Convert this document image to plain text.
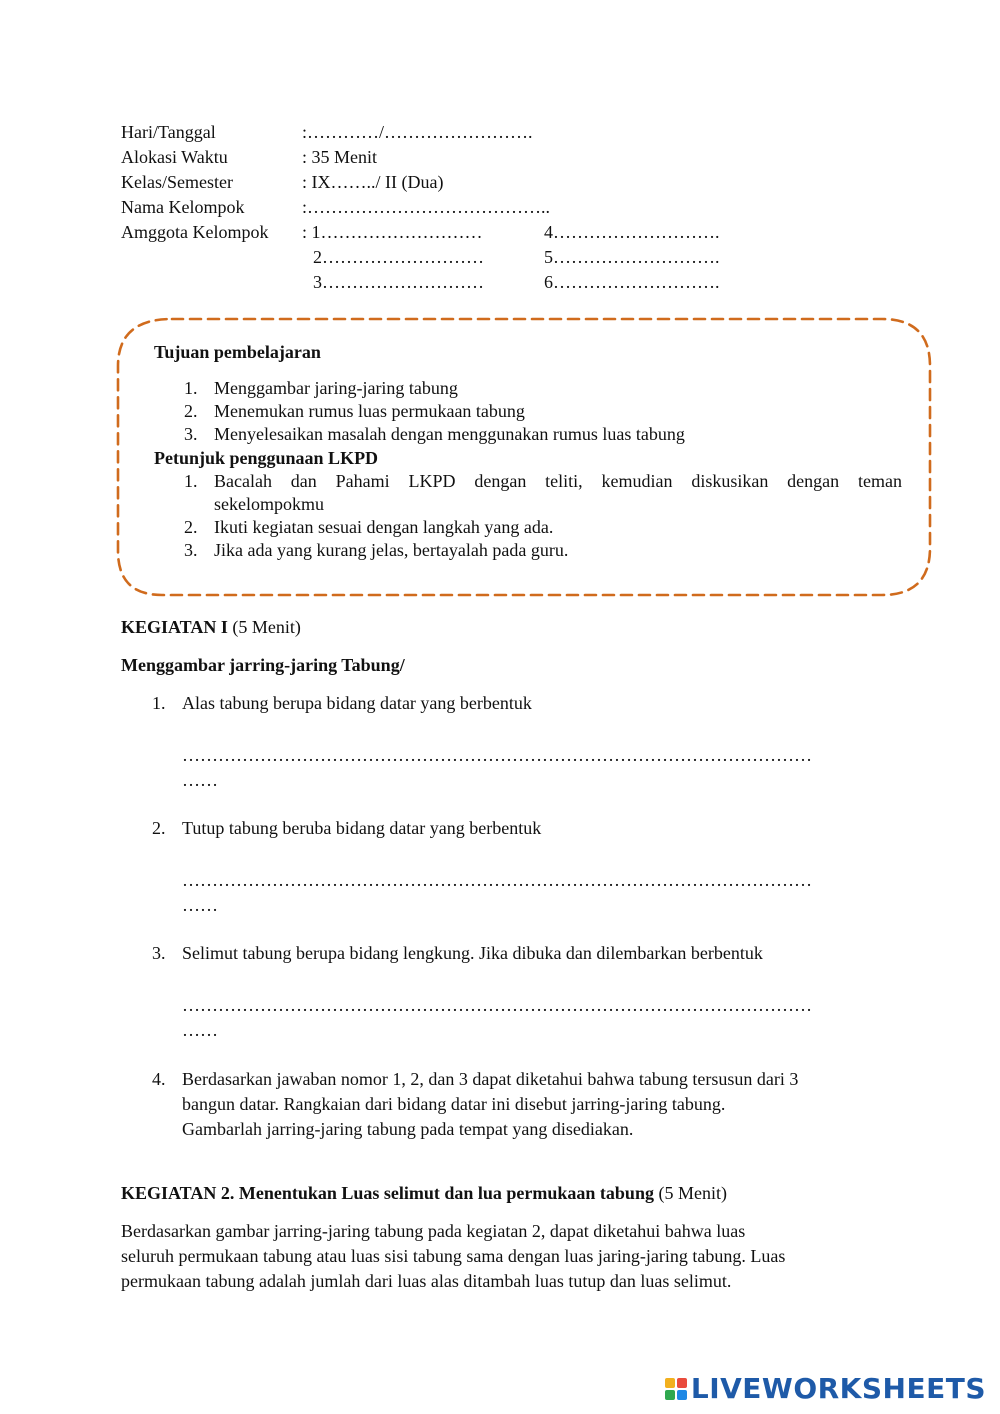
Hari/Tanggal	:…………/…………………….
Alokasi Waktu	: 35 Menit
Kelas/Semester	: IX……../ II (Dua)
Nama Kelompok	:…………………………………..
Amggota Kelompok : 1………………………	4……………………….
2………………………	5……………………….
3………………………	6……………………….
Tujuan pembelajaran
1. Menggambar jaring-jaring tabung
2. Menemukan rumus luas permukaan tabung
3. Menyelesaikan masalah dengan menggunakan rumus luas tabung
Petunjuk penggunaan LKPD
1. Bacalah dan Pahami LKPD dengan teliti, kemudian diskusikan dengan teman
sekelompokmu
2. Ikuti kegiatan sesuai dengan langkah yang ada.
3. Jika ada yang kurang jelas, bertayalah pada guru.
KEGIATAN I (5 Menit)
Menggambar jarring-jaring Tabung/
1. Alas tabung berupa bidang datar yang berbentuk
……………………………………………………………………………………………
……
2. Tutup tabung beruba bidang datar yang berbentuk
……………………………………………………………………………………………
……
3. Selimut tabung berupa bidang lengkung. Jika dibuka dan dilembarkan berbentuk
……………………………………………………………………………………………
……
4. Berdasarkan jawaban nomor 1, 2, dan 3 dapat diketahui bahwa tabung tersusun dari 3
bangun datar. Rangkaian dari bidang datar ini disebut jarring-jaring tabung.
Gambarlah jarring-jaring tabung pada tempat yang disediakan.
KEGIATAN 2. Menentukan Luas selimut dan lua permukaan tabung (5 Menit)
Berdasarkan gambar jarring-jaring tabung pada kegiatan 2, dapat diketahui bahwa luas
seluruh permukaan tabung atau luas sisi tabung sama dengan luas jaring-jaring tabung. Luas
permukaan tabung adalah jumlah dari luas alas ditambah luas tutup dan luas selimut.
LIVEWORKSHEETS
